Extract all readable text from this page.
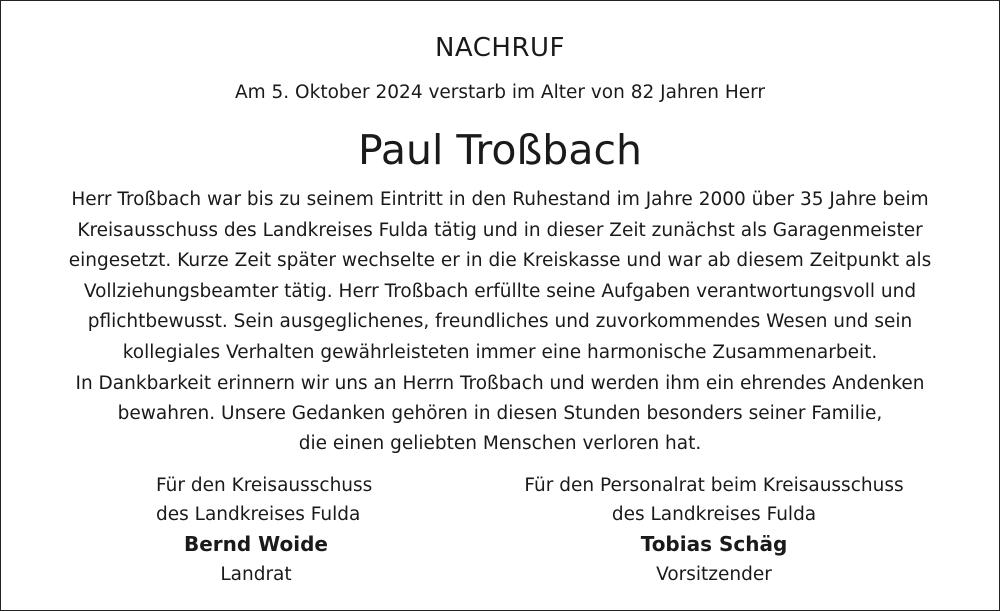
NACHRUF
Am 5. Oktober 2024 verstarb im Alter von 82 Jahren Herr
Paul Troßbach
Herr Troßbach war bis zu seinem Eintritt in den Ruhestand im Jahre 2000 über 35 Jahre beim
Kreisausschuss des Landkreises Fulda tätig und in dieser Zeit zunächst als Garagenmeister
eingesetzt. Kurze Zeit später wechselte er in die Kreiskasse und war ab diesem Zeitpunkt als
Vollziehungsbeamter tätig. Herr Troßbach erfüllte seine Aufgaben verantwortungsvoll und
pflichtbewusst. Sein ausgeglichenes, freundliches und zuvorkommendes Wesen und sein
kollegiales Verhalten gewährleisteten immer eine harmonische Zusammenarbeit.
In Dankbarkeit erinnern wir uns an Herrn Troßbach und werden ihm ein ehrendes Andenken
bewahren. Unsere Gedanken gehören in diesen Stunden besonders seiner Familie,
die einen geliebten Menschen verloren hat.
Für den Kreisausschuss
des Landkreises Fulda
Bernd Woide
Landrat
Für den Personalrat beim Kreisausschuss
des Landkreises Fulda
Tobias Schäg
Vorsitzender
